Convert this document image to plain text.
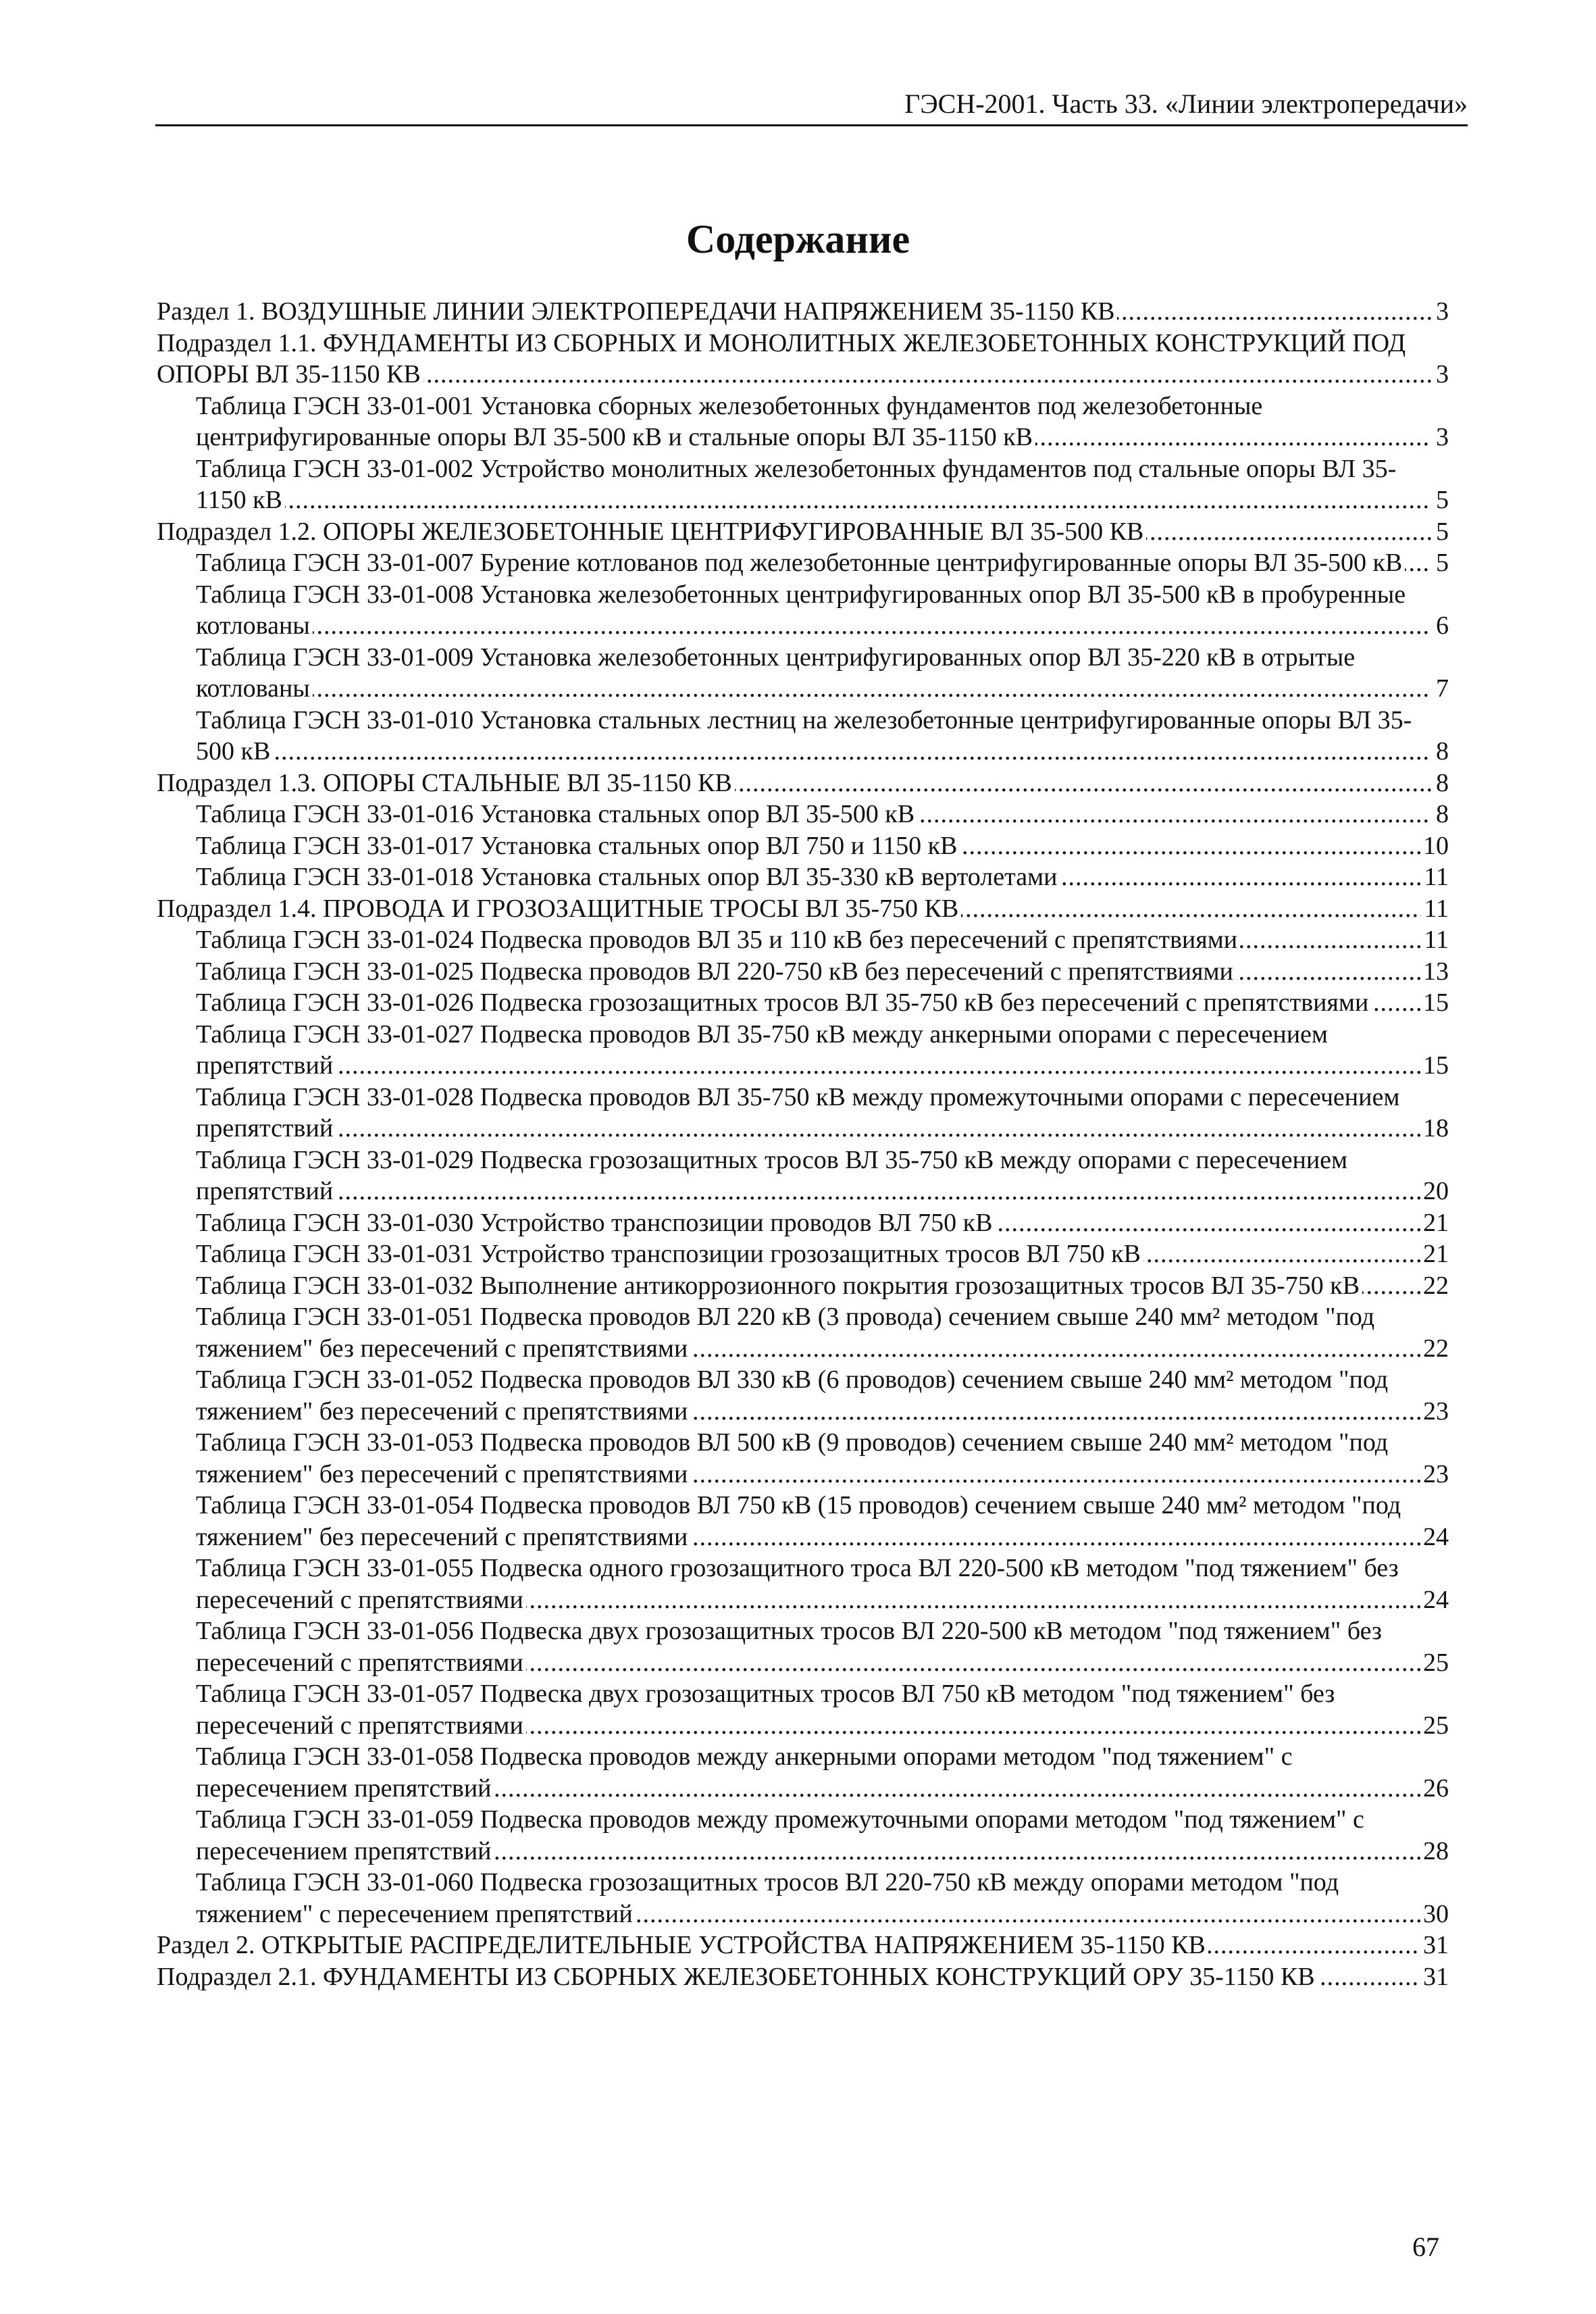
ГЭСН-2001. Часть 33. «Линии электропередачи»
Содержание
Раздел 1. ВОЗДУШНЫЕ ЛИНИИ ЭЛЕКТРОПЕРЕДАЧИ НАПРЯЖЕНИЕМ 35-1150 КВ .....	3
Подраздел 1.1. ФУНДАМЕНТЫ ИЗ СБОРНЫХ И МОНОЛИТНЫХ ЖЕЛЕЗОБЕТОННЫХ КОНСТРУКЦИЙ ПОД ОПОРЫ ВЛ 35-1150 КВ .....	3
Таблица ГЭСН 33-01-001 Установка сборных железобетонных фундаментов под железобетонные центрифугированные опоры ВЛ 35-500 кВ и стальные опоры ВЛ 35-1150 кВ .....	3
Таблица ГЭСН 33-01-002 Устройство монолитных железобетонных фундаментов под стальные опоры ВЛ 35-1150 кВ .....	5
Подраздел 1.2. ОПОРЫ ЖЕЛЕЗОБЕТОННЫЕ ЦЕНТРИФУГИРОВАННЫЕ ВЛ 35-500 КВ .....	5
Таблица ГЭСН 33-01-007 Бурение котлованов под железобетонные центрифугированные опоры ВЛ 35-500 кВ .....	5
Таблица ГЭСН 33-01-008 Установка железобетонных центрифугированных опор ВЛ 35-500 кВ в пробуренные котлованы .....	6
Таблица ГЭСН 33-01-009 Установка железобетонных центрифугированных опор ВЛ 35-220 кВ в отрытые котлованы .....	7
Таблица ГЭСН 33-01-010 Установка стальных лестниц на железобетонные центрифугированные опоры ВЛ 35-500 кВ .....	8
Подраздел 1.3. ОПОРЫ СТАЛЬНЫЕ ВЛ 35-1150 КВ .....	8
Таблица ГЭСН 33-01-016 Установка стальных опор ВЛ 35-500 кВ .....	8
Таблица ГЭСН 33-01-017 Установка стальных опор ВЛ 750 и 1150 кВ .....	10
Таблица ГЭСН 33-01-018 Установка стальных опор ВЛ 35-330 кВ вертолетами .....	11
Подраздел 1.4. ПРОВОДА И ГРОЗОЗАЩИТНЫЕ ТРОСЫ ВЛ 35-750 КВ .....	11
Таблица ГЭСН 33-01-024 Подвеска проводов ВЛ 35 и 110 кВ без пересечений с препятствиями .....	11
Таблица ГЭСН 33-01-025 Подвеска проводов ВЛ 220-750 кВ без пересечений с препятствиями .....	13
Таблица ГЭСН 33-01-026 Подвеска грозозащитных тросов ВЛ 35-750 кВ без пересечений с препятствиями .....	15
Таблица ГЭСН 33-01-027 Подвеска проводов ВЛ 35-750 кВ между анкерными опорами с пересечением препятствий .....	15
Таблица ГЭСН 33-01-028 Подвеска проводов ВЛ 35-750 кВ между промежуточными опорами с пересечением препятствий .....	18
Таблица ГЭСН 33-01-029 Подвеска грозозащитных тросов ВЛ 35-750 кВ между опорами с пересечением препятствий .....	20
Таблица ГЭСН 33-01-030 Устройство транспозиции проводов ВЛ 750 кВ .....	21
Таблица ГЭСН 33-01-031 Устройство транспозиции грозозащитных тросов ВЛ 750 кВ .....	21
Таблица ГЭСН 33-01-032 Выполнение антикоррозионного покрытия грозозащитных тросов ВЛ 35-750 кВ .....	22
Таблица ГЭСН 33-01-051 Подвеска проводов ВЛ 220 кВ (3 провода) сечением свыше 240 мм² методом "под тяжением" без пересечений с препятствиями .....	22
Таблица ГЭСН 33-01-052 Подвеска проводов ВЛ 330 кВ (6 проводов) сечением свыше 240 мм² методом "под тяжением" без пересечений с препятствиями .....	23
Таблица ГЭСН 33-01-053 Подвеска проводов ВЛ 500 кВ (9 проводов) сечением свыше 240 мм² методом "под тяжением" без пересечений с препятствиями .....	23
Таблица ГЭСН 33-01-054 Подвеска проводов ВЛ 750 кВ (15 проводов) сечением свыше 240 мм² методом "под тяжением" без пересечений с препятствиями .....	24
Таблица ГЭСН 33-01-055 Подвеска одного грозозащитного троса ВЛ 220-500 кВ методом "под тяжением" без пересечений с препятствиями .....	24
Таблица ГЭСН 33-01-056 Подвеска двух грозозащитных тросов ВЛ 220-500 кВ методом "под тяжением" без пересечений с препятствиями .....	25
Таблица ГЭСН 33-01-057 Подвеска двух грозозащитных тросов ВЛ 750 кВ методом "под тяжением" без пересечений с препятствиями .....	25
Таблица ГЭСН 33-01-058 Подвеска проводов между анкерными опорами методом "под тяжением" с пересечением препятствий .....	26
Таблица ГЭСН 33-01-059 Подвеска проводов между промежуточными опорами методом "под тяжением" с пересечением препятствий .....	28
Таблица ГЭСН 33-01-060 Подвеска грозозащитных тросов ВЛ 220-750 кВ между опорами методом "под тяжением" с пересечением препятствий .....	30
Раздел 2. ОТКРЫТЫЕ РАСПРЕДЕЛИТЕЛЬНЫЕ УСТРОЙСТВА НАПРЯЖЕНИЕМ 35-1150 КВ .....	31
Подраздел 2.1. ФУНДАМЕНТЫ ИЗ СБОРНЫХ ЖЕЛЕЗОБЕТОННЫХ КОНСТРУКЦИЙ ОРУ 35-1150 КВ .....	31
67
